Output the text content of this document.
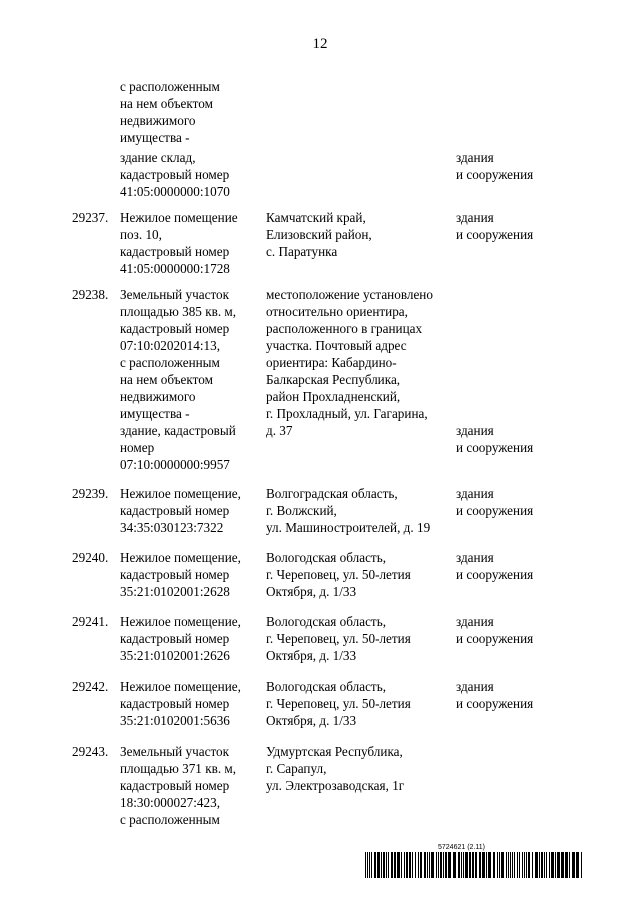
12
с расположенным
на нем объектом
недвижимого
имущества -
здание склад,
кадастровый номер
41:05:0000000:1070
здания
и сооружения
29237. Нежилое помещение
поз. 10,
кадастровый номер
41:05:0000000:1728
Камчатский край,
Елизовский район,
с. Паратунка
здания
и сооружения
29238. Земельный участок
площадью 385 кв. м,
кадастровый номер
07:10:0202014:13,
с расположенным
на нем объектом
недвижимого
имущества -
местоположение установлено
относительно ориентира,
расположенного в границах
участка. Почтовый адрес
ориентира: Кабардино-
Балкарская Республика,
район Прохладненский,
г. Прохладный, ул. Гагарина,
д. 37
здание, кадастровый
номер
07:10:0000000:9957
здания
и сооружения
29239. Нежилое помещение,
кадастровый номер
34:35:030123:7322
Волгоградская область,
г. Волжский,
ул. Машиностроителей, д. 19
здания
и сооружения
29240. Нежилое помещение,
кадастровый номер
35:21:0102001:2628
Вологодская область,
г. Череповец, ул. 50-летия
Октября, д. 1/33
здания
и сооружения
29241. Нежилое помещение,
кадастровый номер
35:21:0102001:2626
Вологодская область,
г. Череповец, ул. 50-летия
Октября, д. 1/33
здания
и сооружения
29242. Нежилое помещение,
кадастровый номер
35:21:0102001:5636
Вологодская область,
г. Череповец, ул. 50-летия
Октября, д. 1/33
здания
и сооружения
29243. Земельный участок
площадью 371 кв. м,
кадастровый номер
18:30:000027:423,
с расположенным
Удмуртская Республика,
г. Сарапул,
ул. Электрозаводская, 1г
5724621 (2.11)
